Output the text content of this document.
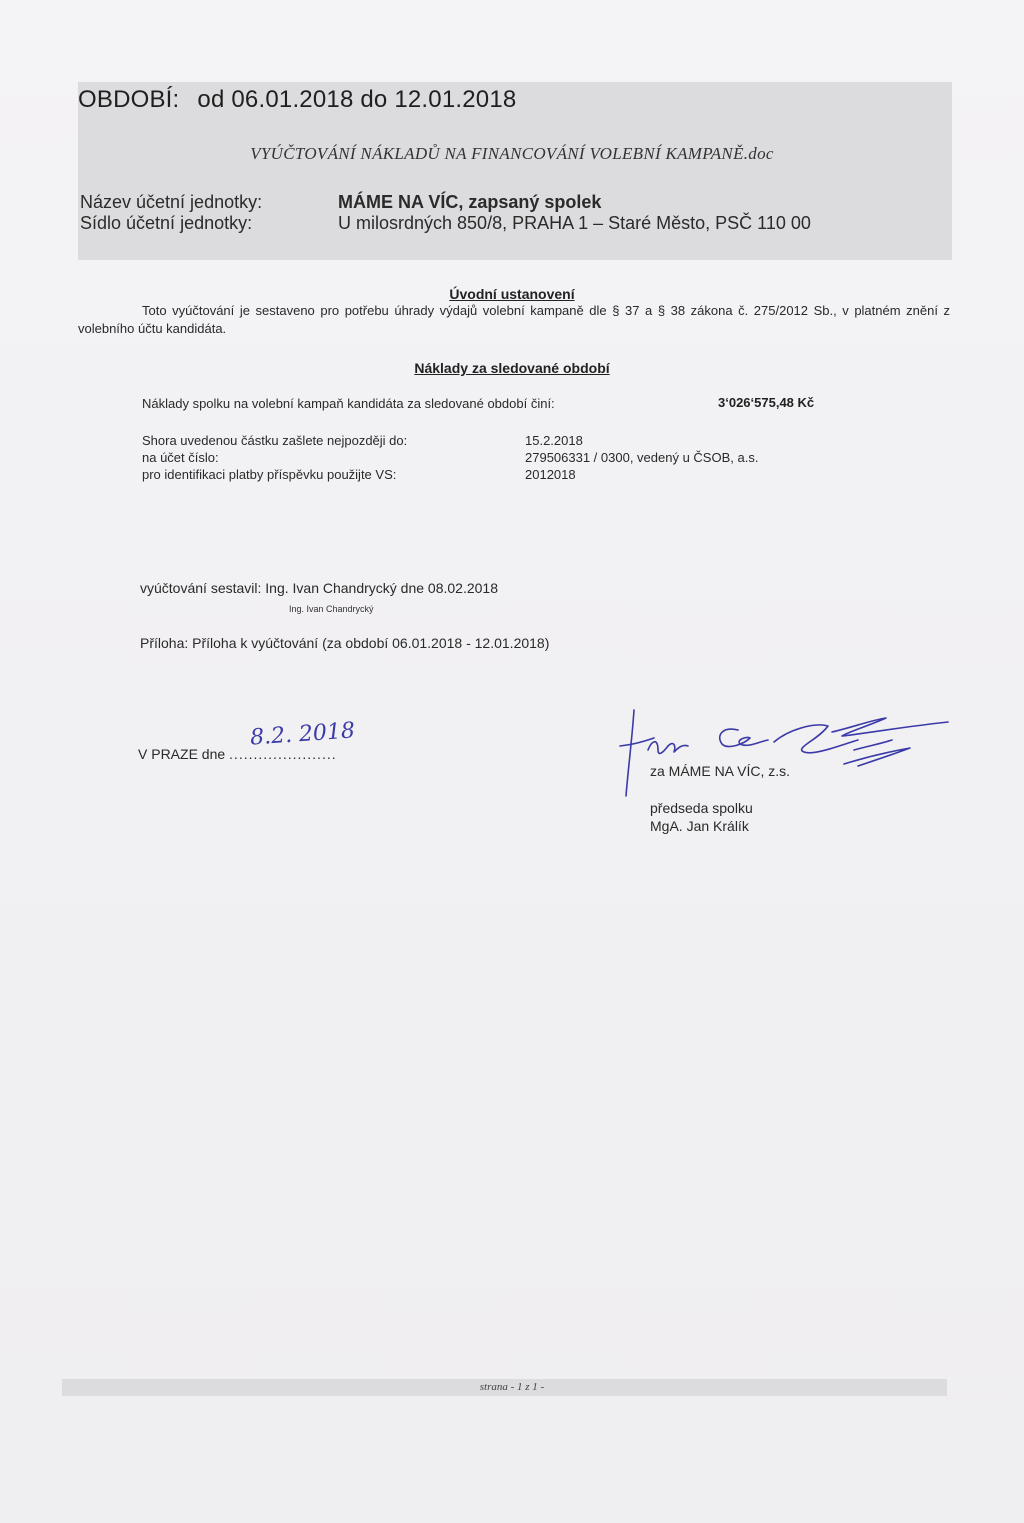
OBDOBÍ: od 06.01.2018 do 12.01.2018
VYÚČTOVÁNÍ NÁKLADŮ NA FINANCOVÁNÍ VOLEBNÍ KAMPANĚ.doc
Název účetní jednotky:	MÁME NA VÍC, zapsaný spolek
Sídlo účetní jednotky:	U milosrdných 850/8, PRAHA 1 – Staré Město, PSČ 110 00
Úvodní ustanovení
Toto vyúčtování je sestaveno pro potřebu úhrady výdajů volební kampaně dle § 37 a § 38 zákona č. 275/2012 Sb., v platném znění z volebního účtu kandidáta.
Náklady za sledované období
Náklady spolku na volební kampaň kandidáta za sledované období činí:	3‘026‘575,48 Kč
Shora uvedenou částku zašlete nejpozději do:	15.2.2018
na účet číslo:	279506331 / 0300, vedený u ČSOB, a.s.
pro identifikaci platby příspěvku použijte VS:	2012018
vyúčtování sestavil: Ing. Ivan Chandrycký dne 08.02.2018
Ing. Ivan Chandrycký
Příloha: Příloha k vyúčtování (za období 06.01.2018 - 12.01.2018)
V PRAZE dne ......................
8.2. 2018
za MÁME NA VÍC, z.s.
předseda spolku
MgA. Jan Králík
strana - 1 z 1 -
